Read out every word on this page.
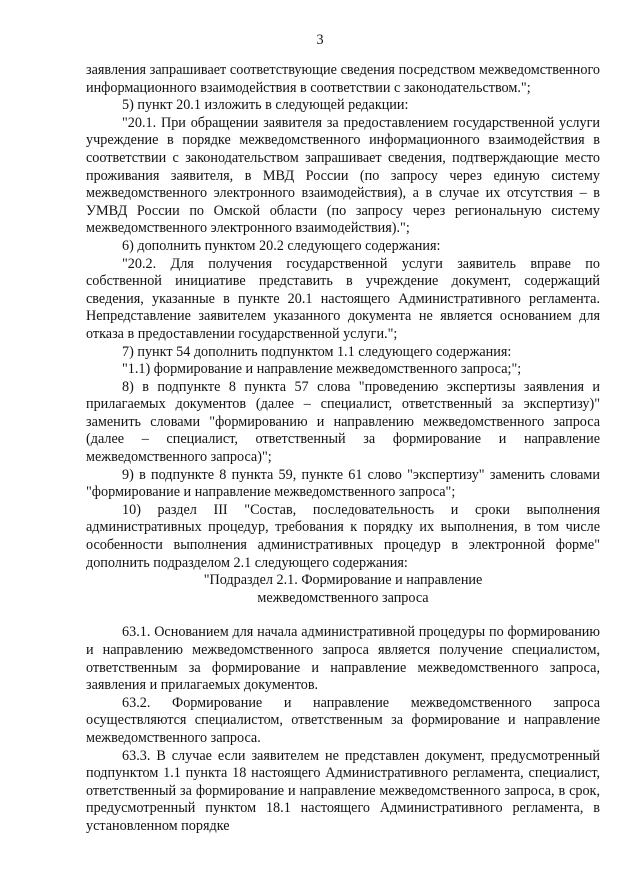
3

заявления запрашивает соответствующие сведения посредством межведомственного информационного взаимодействия в соответствии с законодательством.";

5) пункт 20.1 изложить в следующей редакции:

"20.1. При обращении заявителя за предоставлением государственной услуги учреждение в порядке межведомственного информационного взаимодействия в соответствии с законодательством запрашивает сведения, подтверждающие место проживания заявителя, в МВД России (по запросу через единую систему межведомственного электронного взаимодействия), а в случае их отсутствия – в УМВД России по Омской области (по запросу через региональную систему межведомственного электронного взаимодействия).";

6) дополнить пунктом 20.2 следующего содержания:

"20.2. Для получения государственной услуги заявитель вправе по собственной инициативе представить в учреждение документ, содержащий сведения, указанные в пункте 20.1 настоящего Административного регламента. Непредставление заявителем указанного документа не является основанием для отказа в предоставлении государственной услуги.";

7) пункт 54 дополнить подпунктом 1.1 следующего содержания:

"1.1) формирование и направление межведомственного запроса;";

8) в подпункте 8 пункта 57 слова "проведению экспертизы заявления и прилагаемых документов (далее – специалист, ответственный за экспертизу)" заменить словами "формированию и направлению межведомственного запроса (далее – специалист, ответственный за формирование и направление межведомственного запроса)";

9) в подпункте 8 пункта 59, пункте 61 слово "экспертизу" заменить словами "формирование и направление межведомственного запроса";

10) раздел III "Состав, последовательность и сроки выполнения административных процедур, требования к порядку их выполнения, в том числе особенности выполнения административных процедур в электронной форме" дополнить подразделом 2.1 следующего содержания:

"Подраздел 2.1. Формирование и направление

межведомственного запроса

63.1. Основанием для начала административной процедуры по формированию и направлению межведомственного запроса является получение специалистом, ответственным за формирование и направление межведомственного запроса, заявления и прилагаемых документов.

63.2. Формирование и направление межведомственного запроса осуществляются специалистом, ответственным за формирование и направление межведомственного запроса.

63.3. В случае если заявителем не представлен документ, предусмотренный подпунктом 1.1 пункта 18 настоящего Административного регламента, специалист, ответственный за формирование и направление межведомственного запроса, в срок, предусмотренный пунктом 18.1 настоящего Административного регламента, в установленном порядке
